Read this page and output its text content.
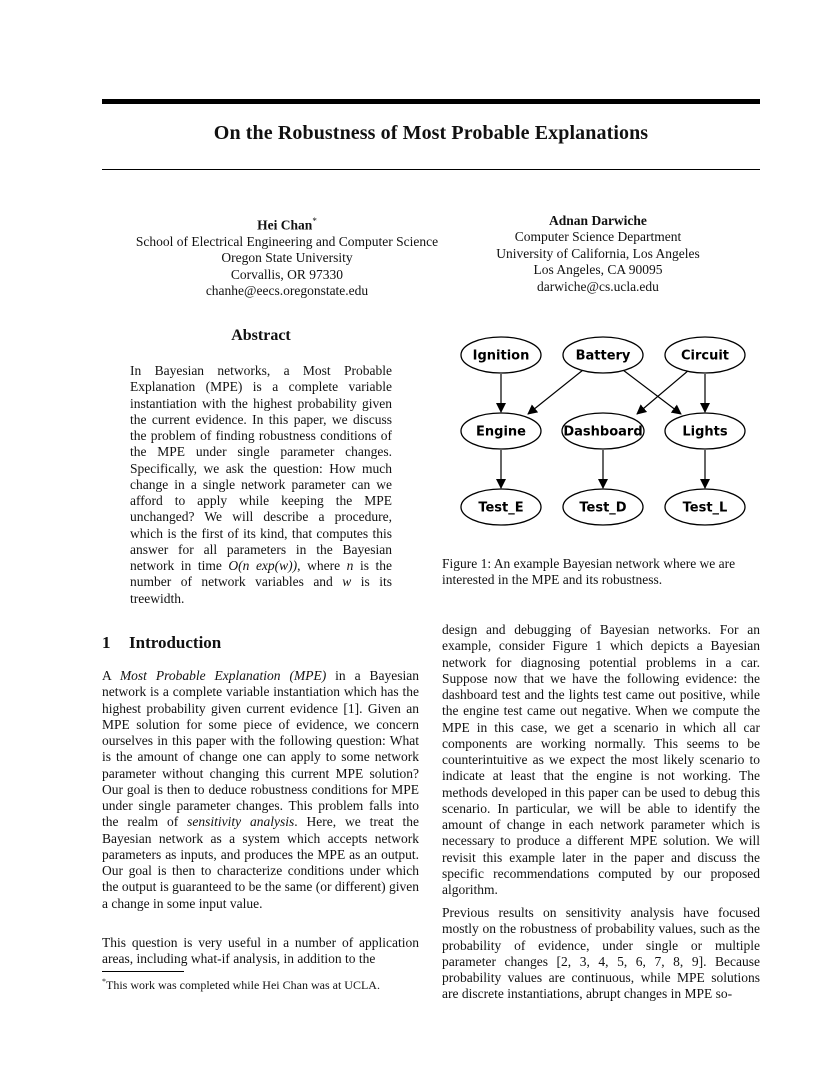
On the Robustness of Most Probable Explanations
Hei Chan*
School of Electrical Engineering and Computer Science
Oregon State University
Corvallis, OR 97330
chanhe@eecs.oregonstate.edu
Adnan Darwiche
Computer Science Department
University of California, Los Angeles
Los Angeles, CA 90095
darwiche@cs.ucla.edu
Abstract

In Bayesian networks, a Most Probable Explanation (MPE) is a complete variable instantiation with the highest probability given the current evidence. In this paper, we discuss the problem of finding robustness conditions of the MPE under single parameter changes. Specifically, we ask the question: How much change in a single network parameter can we afford to apply while keeping the MPE unchanged? We will describe a procedure, which is the first of its kind, that computes this answer for all parameters in the Bayesian network in time O(n exp(w)), where n is the number of network variables and w is its treewidth.

Ignition	Battery	Circuit
Engine	Dashboard	Lights
Test_E	Test_D	Test_L

Figure 1: An example Bayesian network where we are interested in the MPE and its robustness.

1 Introduction

A Most Probable Explanation (MPE) in a Bayesian network is a complete variable instantiation which has the highest probability given current evidence [1]. Given an MPE solution for some piece of evidence, we concern ourselves in this paper with the following question: What is the amount of change one can apply to some network parameter without changing this current MPE solution? Our goal is then to deduce robustness conditions for MPE under single parameter changes. This problem falls into the realm of sensitivity analysis. Here, we treat the Bayesian network as a system which accepts network parameters as inputs, and produces the MPE as an output. Our goal is then to characterize conditions under which the output is guaranteed to be the same (or different) given a change in some input value.

This question is very useful in a number of application areas, including what-if analysis, in addition to the

*This work was completed while Hei Chan was at UCLA.

design and debugging of Bayesian networks. For an example, consider Figure 1 which depicts a Bayesian network for diagnosing potential problems in a car. Suppose now that we have the following evidence: the dashboard test and the lights test came out positive, while the engine test came out negative. When we compute the MPE in this case, we get a scenario in which all car components are working normally. This seems to be counterintuitive as we expect the most likely scenario to indicate at least that the engine is not working. The methods developed in this paper can be used to debug this scenario. In particular, we will be able to identify the amount of change in each network parameter which is necessary to produce a different MPE solution. We will revisit this example later in the paper and discuss the specific recommendations computed by our proposed algorithm.

Previous results on sensitivity analysis have focused mostly on the robustness of probability values, such as the probability of evidence, under single or multiple parameter changes [2, 3, 4, 5, 6, 7, 8, 9]. Because probability values are continuous, while MPE solutions are discrete instantiations, abrupt changes in MPE so-
